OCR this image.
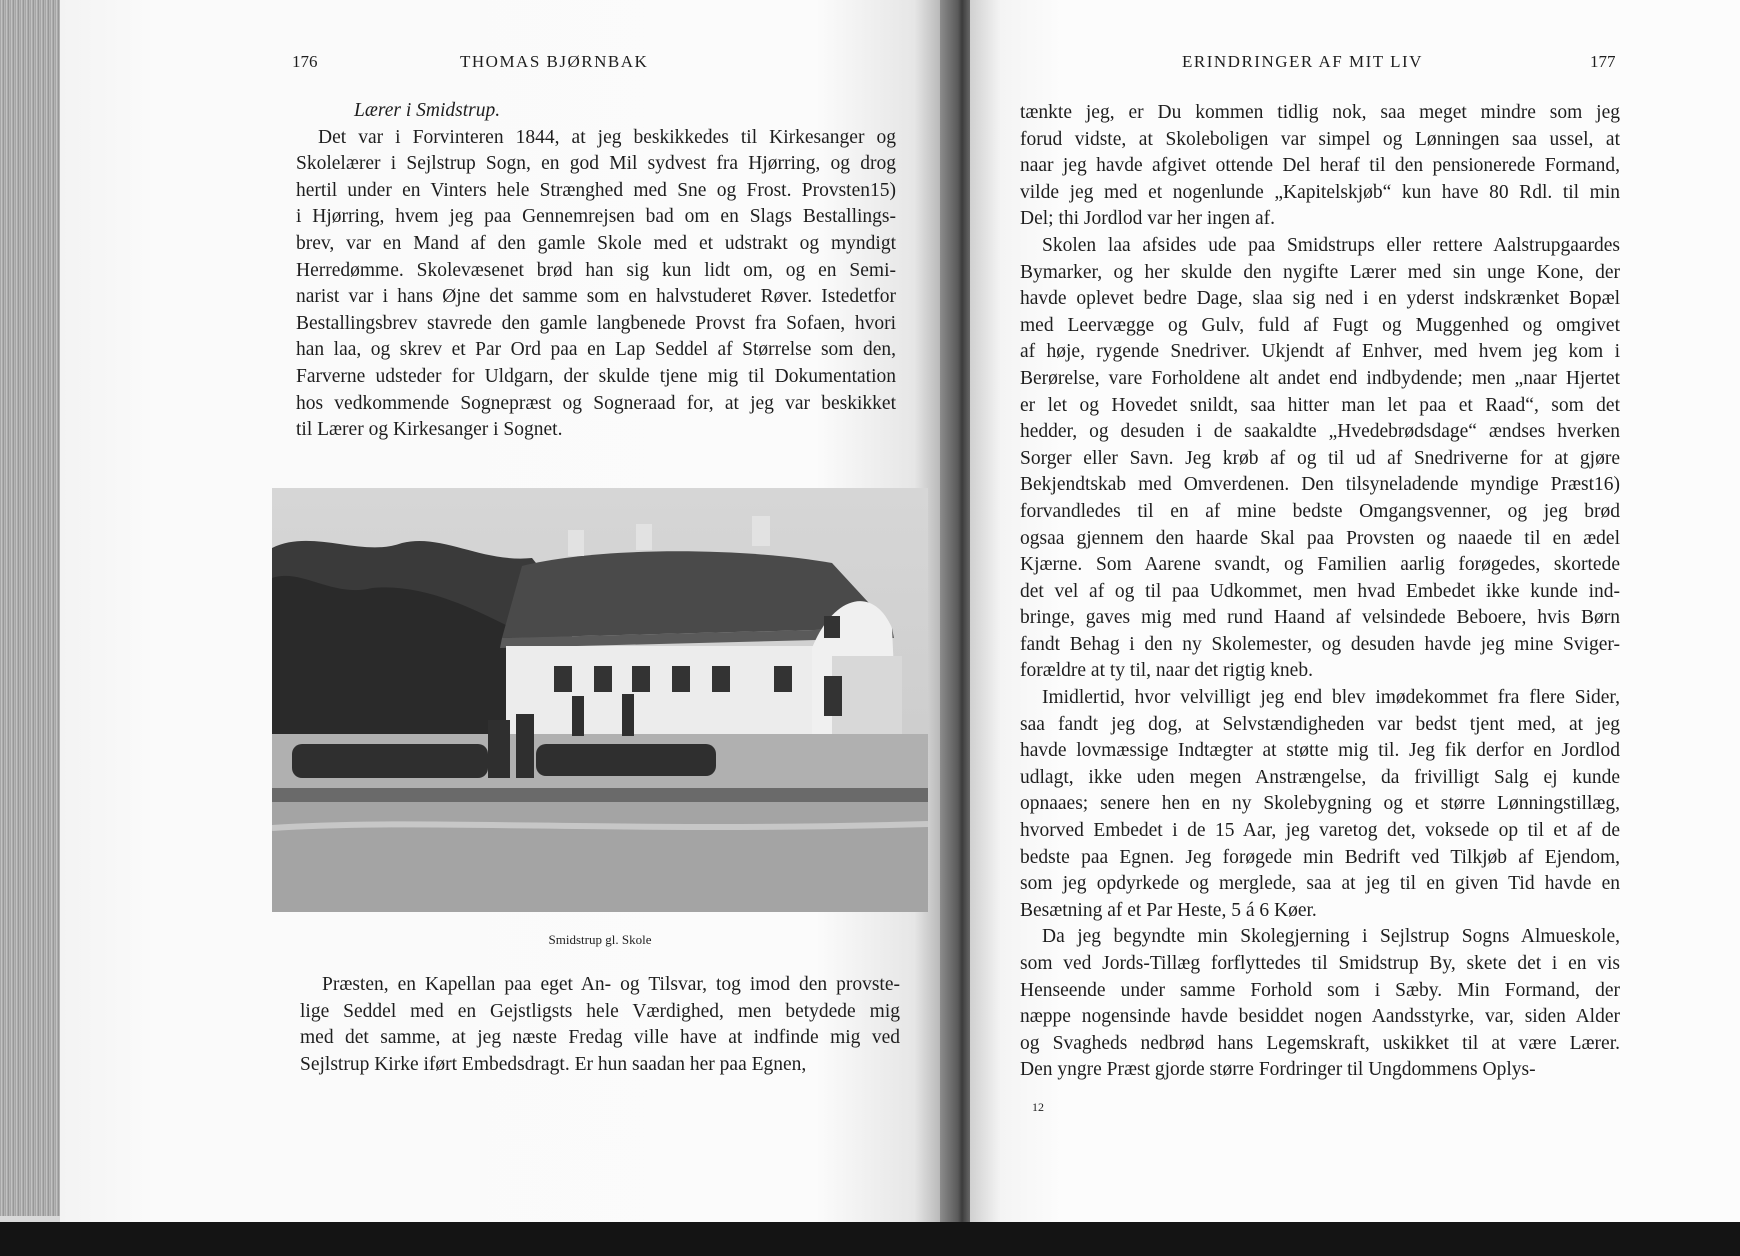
176	THOMAS BJØRNBAK

Lærer i Smidstrup.

Det var i Forvinteren 1844, at jeg beskikkedes til Kirkesanger og
Skolelærer i Sejlstrup Sogn, en god Mil sydvest fra Hjørring, og drog
hertil under en Vinters hele Strænghed med Sne og Frost. Provsten15)
i Hjørring, hvem jeg paa Gennemrejsen bad om en Slags Bestallings-
brev, var en Mand af den gamle Skole med et udstrakt og myndigt
Herredømme. Skolevæsenet brød han sig kun lidt om, og en Semi-
narist var i hans Øjne det samme som en halvstuderet Røver. Istedetfor
Bestallingsbrev stavrede den gamle langbenede Provst fra Sofaen, hvori
han laa, og skrev et Par Ord paa en Lap Seddel af Størrelse som den,
Farverne udsteder for Uldgarn, der skulde tjene mig til Dokumentation
hos vedkommende Sognepræst og Sogneraad for, at jeg var beskikket
til Lærer og Kirkesanger i Sognet.
Smidstrup gl. Skole
Præsten, en Kapellan paa eget An- og Tilsvar, tog imod den provste-
lige Seddel med en Gejstligsts hele Værdighed, men betydede mig
med det samme, at jeg næste Fredag ville have at indfinde mig ved
Sejlstrup Kirke iført Embedsdragt. Er hun saadan her paa Egnen,
ERINDRINGER AF MIT LIV	177
tænkte jeg, er Du kommen tidlig nok, saa meget mindre som jeg
forud vidste, at Skoleboligen var simpel og Lønningen saa ussel, at
naar jeg havde afgivet ottende Del heraf til den pensionerede Formand,
vilde jeg med et nogenlunde „Kapitelskjøb“ kun have 80 Rdl. til min
Del; thi Jordlod var her ingen af.
Skolen laa afsides ude paa Smidstrups eller rettere Aalstrupgaardes
Bymarker, og her skulde den nygifte Lærer med sin unge Kone, der
havde oplevet bedre Dage, slaa sig ned i en yderst indskrænket Bopæl
med Leervægge og Gulv, fuld af Fugt og Muggenhed og omgivet
af høje, rygende Snedriver. Ukjendt af Enhver, med hvem jeg kom i
Berørelse, vare Forholdene alt andet end indbydende; men „naar Hjertet
er let og Hovedet snildt, saa hitter man let paa et Raad“, som det
hedder, og desuden i de saakaldte „Hvedebrødsdage“ ændses hverken
Sorger eller Savn. Jeg krøb af og til ud af Snedriverne for at gjøre
Bekjendtskab med Omverdenen. Den tilsyneladende myndige Præst16)
forvandledes til en af mine bedste Omgangsvenner, og jeg brød
ogsaa gjennem den haarde Skal paa Provsten og naaede til en ædel
Kjærne. Som Aarene svandt, og Familien aarlig forøgedes, skortede
det vel af og til paa Udkommet, men hvad Embedet ikke kunde ind-
bringe, gaves mig med rund Haand af velsindede Beboere, hvis Børn
fandt Behag i den ny Skolemester, og desuden havde jeg mine Sviger-
forældre at ty til, naar det rigtig kneb.
Imidlertid, hvor velvilligt jeg end blev imødekommet fra flere Sider,
saa fandt jeg dog, at Selvstændigheden var bedst tjent med, at jeg
havde lovmæssige Indtægter at støtte mig til. Jeg fik derfor en Jordlod
udlagt, ikke uden megen Anstrængelse, da frivilligt Salg ej kunde
opnaaes; senere hen en ny Skolebygning og et større Lønningstillæg,
hvorved Embedet i de 15 Aar, jeg varetog det, voksede op til et af de
bedste paa Egnen. Jeg forøgede min Bedrift ved Tilkjøb af Ejendom,
som jeg opdyrkede og merglede, saa at jeg til en given Tid havde en
Besætning af et Par Heste, 5 á 6 Køer.
Da jeg begyndte min Skolegjerning i Sejlstrup Sogns Almueskole,
som ved Jords-Tillæg forflyttedes til Smidstrup By, skete det i en vis
Henseende under samme Forhold som i Sæby. Min Formand, der
næppe nogensinde havde besiddet nogen Aandsstyrke, var, siden Alder
og Svagheds nedbrød hans Legemskraft, uskikket til at være Lærer.
Den yngre Præst gjorde større Fordringer til Ungdommens Oplys-
12
